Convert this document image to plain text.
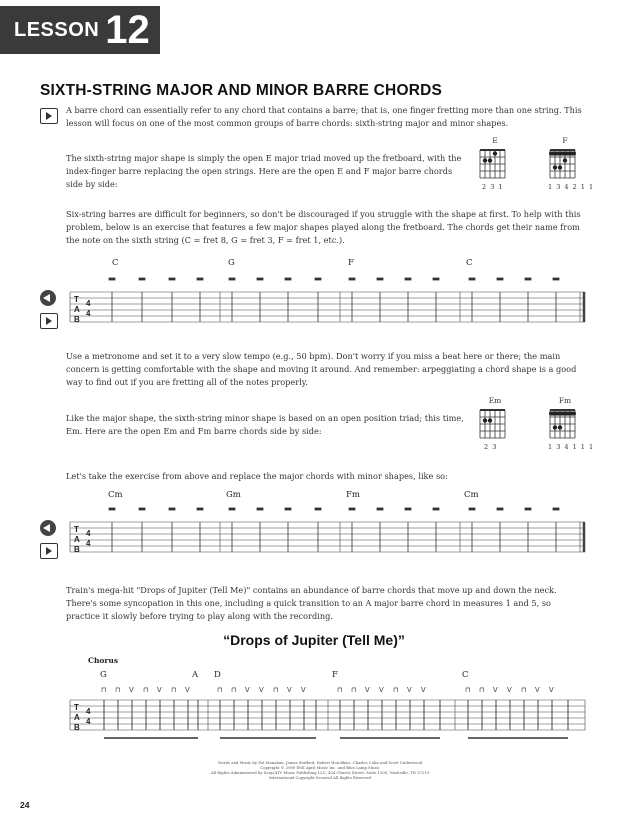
LESSON 12
SIXTH-STRING MAJOR AND MINOR BARRE CHORDS
A barre chord can essentially refer to any chord that contains a barre; that is, one finger fretting more than one string. This lesson will focus on one of the most common groups of barre chords: sixth-string major and minor shapes.
The sixth-string major shape is simply the open E major triad moved up the fretboard, with the index-finger barre replacing the open strings. Here are the open E and F major barre chords side by side:
E
2 3 1
F
1 3 4 2 1 1
Six-string barres are difficult for beginners, so don't be discouraged if you struggle with the shape at first. To help with this problem, below is an exercise that features a few major shapes played along the fretboard. The chords get their name from the note on the sixth string (C = fret 8, G = fret 3, F = fret 1, etc.).
C	G	F	C
T
A
B
4
4
Use a metronome and set it to a very slow tempo (e.g., 50 bpm). Don't worry if you miss a beat here or there; the main concern is getting comfortable with the shape and moving it around. And remember: arpeggiating a chord shape is a good way to find out if you are fretting all of the notes properly.
Like the major shape, the sixth-string minor shape is based on an open position triad; this time, Em. Here are the open Em and Fm barre chords side by side:
Em
2 3
Fm
1 3 4 1 1 1
Let's take the exercise from above and replace the major chords with minor shapes, like so:
Cm	Gm	Fm	Cm
T
A
B
4
4
Train's mega-hit "Drops of Jupiter (Tell Me)" contains an abundance of barre chords that move up and down the neck. There's some syncopation in this one, including a quick transition to an A major barre chord in measures 1 and 5, so practice it slowly before trying to play along with the recording.
“Drops of Jupiter (Tell Me)”
Chorus
G	A D	F	C
T
A
B
4
4
⊓ ⊓ V ⊓ V ⊓ V	⊓ ⊓ V V ⊓ V V	⊓ ⊓ V V ⊓ V V	⊓ ⊓ V V ⊓ V V
Words and Music by Pat Monahan, James Stafford, Robert Hotchkiss, Charles Colin and Scott Underwood
Copyright © 2000 EMI April Music Inc. and Blue Lamp Music
All Rights Administered by Sony/ATV Music Publishing LLC, 424 Church Street, Suite 1200, Nashville, TN 37219
International Copyright Secured All Rights Reserved
24
